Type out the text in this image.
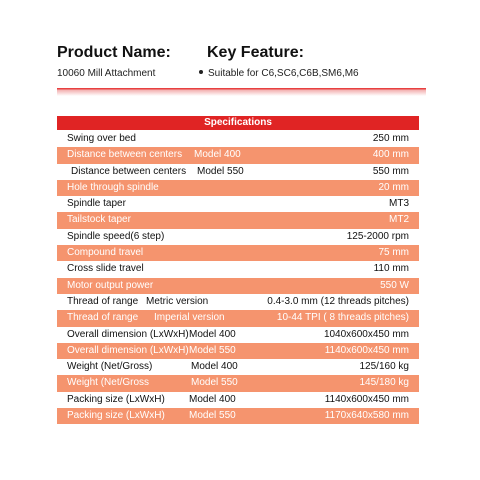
Product Name:
10060 Mill Attachment
Key Feature:
Suitable for C6,SC6,C6B,SM6,M6
Specifications
Swing over bed	250 mm
Distance between centers Model 400	400 mm
Distance between centers Model 550	550 mm
Hole through spindle	20 mm
Spindle taper	MT3
Tailstock taper	MT2
Spindle speed(6 step)	125-2000 rpm
Compound travel	75 mm
Cross slide travel	110 mm
Motor output power	550 W
Thread of range Metric version	0.4-3.0 mm (12 threads pitches)
Thread of range Imperial version	10-44 TPI ( 8 threads pitches)
Overall dimension (LxWxH) Model 400	1040x600x450 mm
Overall dimension (LxWxH) Model 550	1140x600x450 mm
Weight (Net/Gross)	Model 400	125/160 kg
Weight (Net/Gross	Model 550	145/180 kg
Packing size (LxWxH) Model 400	1140x600x450 mm
Packing size (LxWxH) Model 550	1170x640x580 mm
